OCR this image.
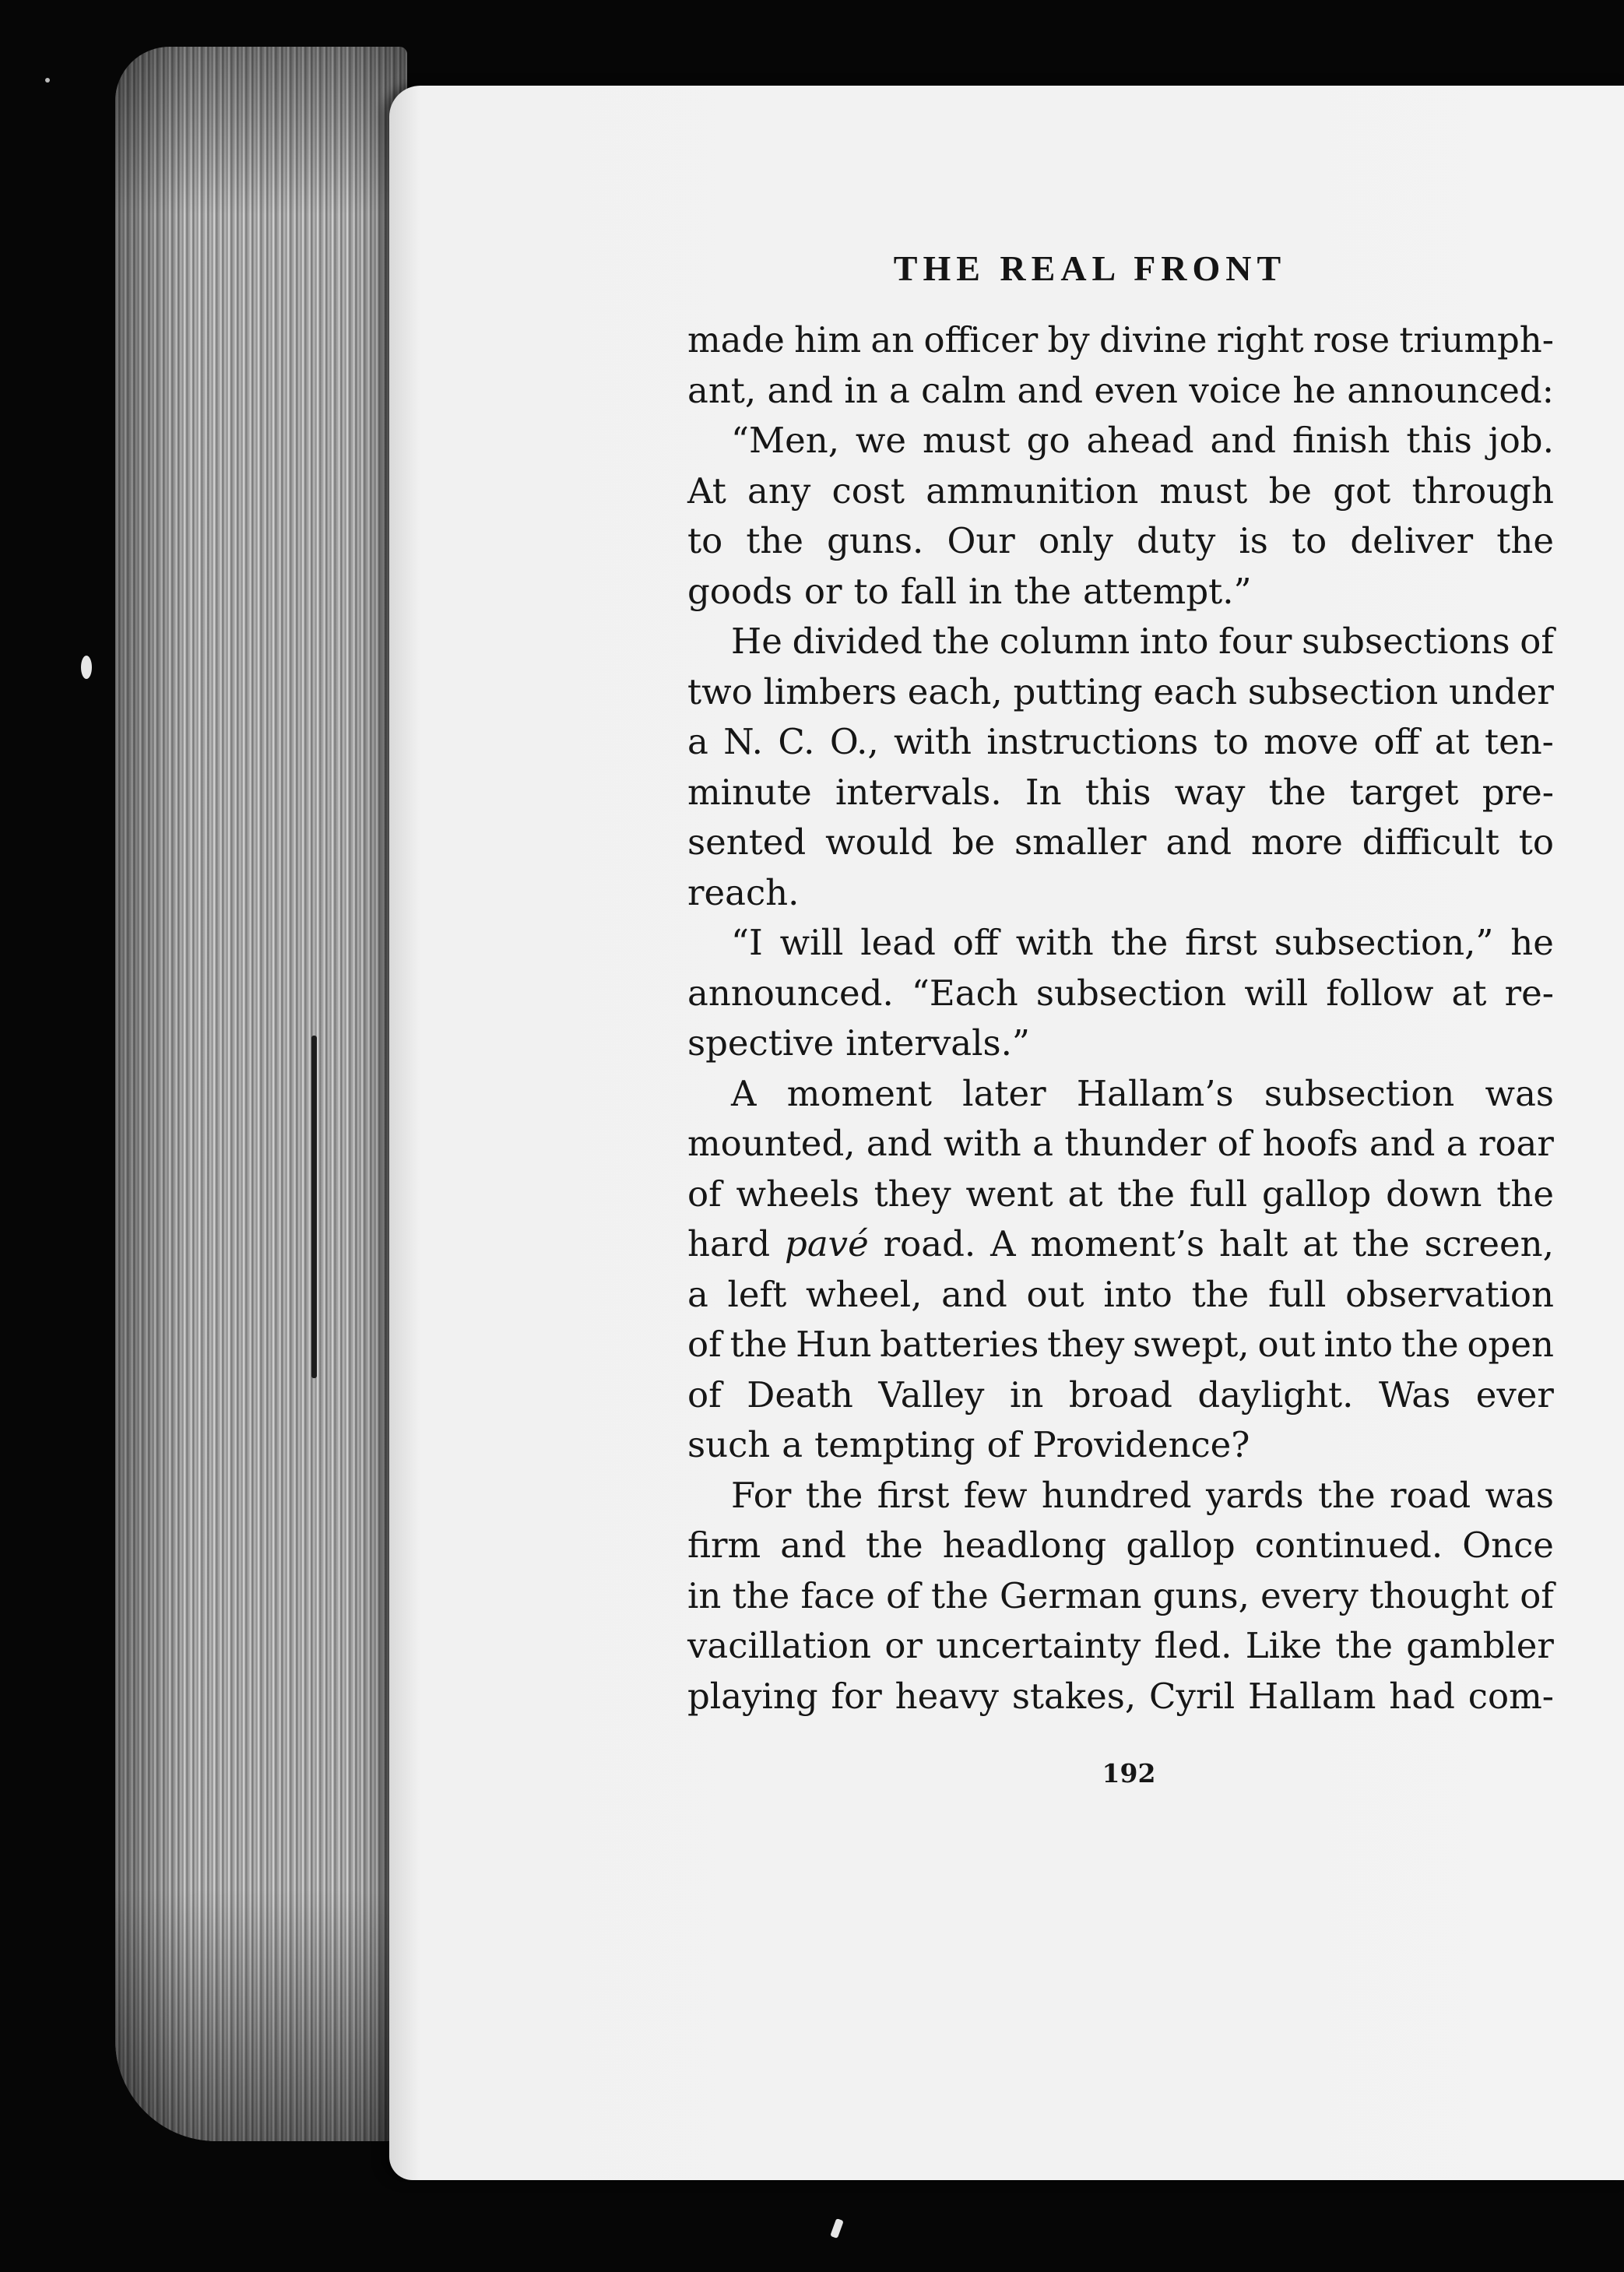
THE REAL FRONT
made him an officer by divine right rose triumph-
ant, and in a calm and even voice he announced:
“Men, we must go ahead and finish this job.
At any cost ammunition must be got through
to the guns. Our only duty is to deliver the
goods or to fall in the attempt.”
He divided the column into four subsections of
two limbers each, putting each subsection under
a N. C. O., with instructions to move off at ten-
minute intervals. In this way the target pre-
sented would be smaller and more difficult to
reach.
“I will lead off with the first subsection,” he
announced. “Each subsection will follow at re-
spective intervals.”
A moment later Hallam’s subsection was
mounted, and with a thunder of hoofs and a roar
of wheels they went at the full gallop down the
hard pavé road. A moment’s halt at the screen,
a left wheel, and out into the full observation
of the Hun batteries they swept, out into the open
of Death Valley in broad daylight. Was ever
such a tempting of Providence?
For the first few hundred yards the road was
firm and the headlong gallop continued. Once
in the face of the German guns, every thought of
vacillation or uncertainty fled. Like the gambler
playing for heavy stakes, Cyril Hallam had com-
192
